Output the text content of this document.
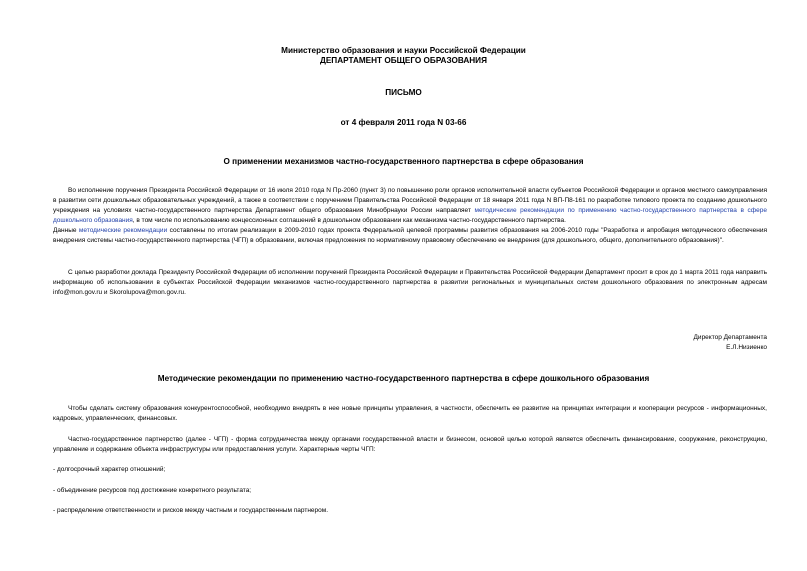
Министерство образования и науки Российской Федерации

ДЕПАРТАМЕНТ ОБЩЕГО ОБРАЗОВАНИЯ

ПИСЬМО

от 4 февраля 2011 года N 03-66

О применении механизмов частно-государственного партнерства в сфере образования

Во исполнение поручения Президента Российской Федерации от 16 июля 2010 года N Пр-2060 (пункт 3) по повышению роли органов исполнительной власти субъектов Российской Федерации и органов местного самоуправления в развитии сети дошкольных образовательных учреждений, а также в соответствии с поручением Правительства Российской Федерации от 18 января 2011 года N ВП-П8-161 по разработке типового проекта по созданию дошкольного учреждения на условиях частно-государственного партнерства Департамент общего образования Минобрнауки России направляет методические рекомендации по применению частно-государственного партнерства в сфере дошкольного образования, в том числе по использованию концессионных соглашений в дошкольном образовании как механизма частно-государственного партнерства.
Данные методические рекомендации составлены по итогам реализации в 2009-2010 годах проекта Федеральной целевой программы развития образования на 2006-2010 годы "Разработка и апробация методического обеспечения внедрения системы частно-государственного партнерства (ЧГП) в образовании, включая предложения по нормативному правовому обеспечению ее внедрения (для дошкольного, общего, дополнительного образования)".

С целью разработки доклада Президенту Российской Федерации об исполнении поручений Президента Российской Федерации и Правительства Российской Федерации Департамент просит в срок до 1 марта 2011 года направить информацию об использовании в субъектах Российской Федерации механизмов частно-государственного партнерства в развитии региональных и муниципальных систем дошкольного образования по электронным адресам info@mon.gov.ru и Skorolupova@mon.gov.ru.

Директор Департамента

Е.Л.Низиенко

Методические рекомендации по применению частно-государственного партнерства в сфере дошкольного образования

Чтобы сделать систему образования конкурентоспособной, необходимо внедрять в нее новые принципы управления, в частности, обеспечить ее развитие на принципах интеграции и кооперации ресурсов - информационных, кадровых, управленческих, финансовых.

Частно-государственное партнерство (далее - ЧГП) - форма сотрудничества между органами государственной власти и бизнесом, основой целью которой является обеспечить финансирование, сооружение, реконструкцию, управление и содержание объекта инфраструктуры или предоставления услуги. Характерные черты ЧГП:

- долгосрочный характер отношений;

- объединение ресурсов под достижение конкретного результата;

- распределение ответственности и рисков между частным и государственным партнером.
